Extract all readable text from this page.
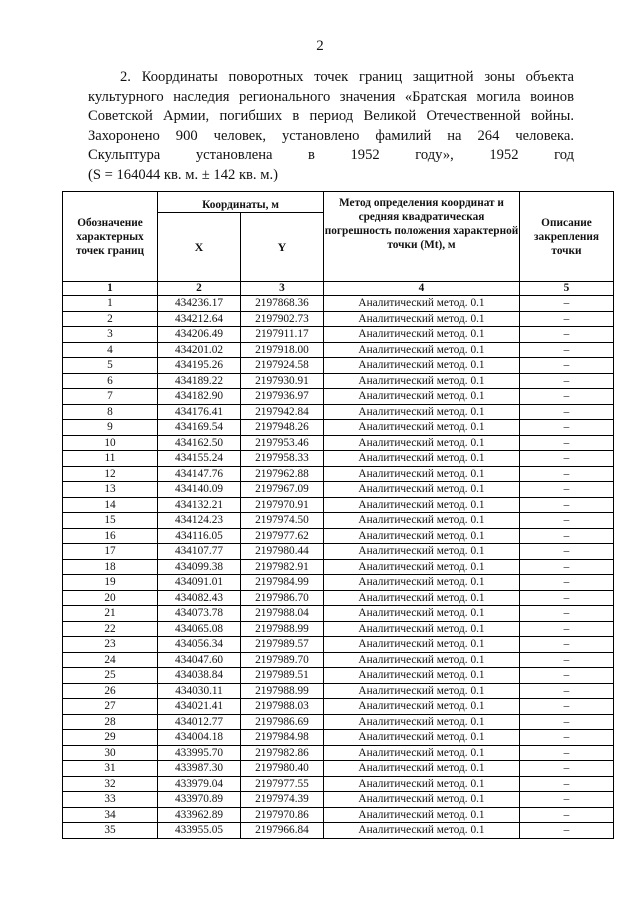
2

2. Координаты поворотных точек границ защитной зоны объекта
культурного наследия регионального значения «Братская могила воинов
Советской Армии, погибших в период Великой Отечественной войны.
Захоронено 900 человек, установлено фамилий на 264 человека.
Скульптура установлена в 1952 году», 1952 год
(S = 164044 кв. м. ± 142 кв. м.)

Обозначение характерных точек границ	Координаты, м		Метод определения координат и средняя квадратическая погрешность положения характерной точки (Mt), м	Описание закрепления точки
	X	Y		
1	2	3	4	5
1	434236.17	2197868.36	Аналитический метод. 0.1	–
2	434212.64	2197902.73	Аналитический метод. 0.1	–
3	434206.49	2197911.17	Аналитический метод. 0.1	–
4	434201.02	2197918.00	Аналитический метод. 0.1	–
5	434195.26	2197924.58	Аналитический метод. 0.1	–
6	434189.22	2197930.91	Аналитический метод. 0.1	–
7	434182.90	2197936.97	Аналитический метод. 0.1	–
8	434176.41	2197942.84	Аналитический метод. 0.1	–
9	434169.54	2197948.26	Аналитический метод. 0.1	–
10	434162.50	2197953.46	Аналитический метод. 0.1	–
11	434155.24	2197958.33	Аналитический метод. 0.1	–
12	434147.76	2197962.88	Аналитический метод. 0.1	–
13	434140.09	2197967.09	Аналитический метод. 0.1	–
14	434132.21	2197970.91	Аналитический метод. 0.1	–
15	434124.23	2197974.50	Аналитический метод. 0.1	–
16	434116.05	2197977.62	Аналитический метод. 0.1	–
17	434107.77	2197980.44	Аналитический метод. 0.1	–
18	434099.38	2197982.91	Аналитический метод. 0.1	–
19	434091.01	2197984.99	Аналитический метод. 0.1	–
20	434082.43	2197986.70	Аналитический метод. 0.1	–
21	434073.78	2197988.04	Аналитический метод. 0.1	–
22	434065.08	2197988.99	Аналитический метод. 0.1	–
23	434056.34	2197989.57	Аналитический метод. 0.1	–
24	434047.60	2197989.70	Аналитический метод. 0.1	–
25	434038.84	2197989.51	Аналитический метод. 0.1	–
26	434030.11	2197988.99	Аналитический метод. 0.1	–
27	434021.41	2197988.03	Аналитический метод. 0.1	–
28	434012.77	2197986.69	Аналитический метод. 0.1	–
29	434004.18	2197984.98	Аналитический метод. 0.1	–
30	433995.70	2197982.86	Аналитический метод. 0.1	–
31	433987.30	2197980.40	Аналитический метод. 0.1	–
32	433979.04	2197977.55	Аналитический метод. 0.1	–
33	433970.89	2197974.39	Аналитический метод. 0.1	–
34	433962.89	2197970.86	Аналитический метод. 0.1	–
35	433955.05	2197966.84	Аналитический метод. 0.1	–
